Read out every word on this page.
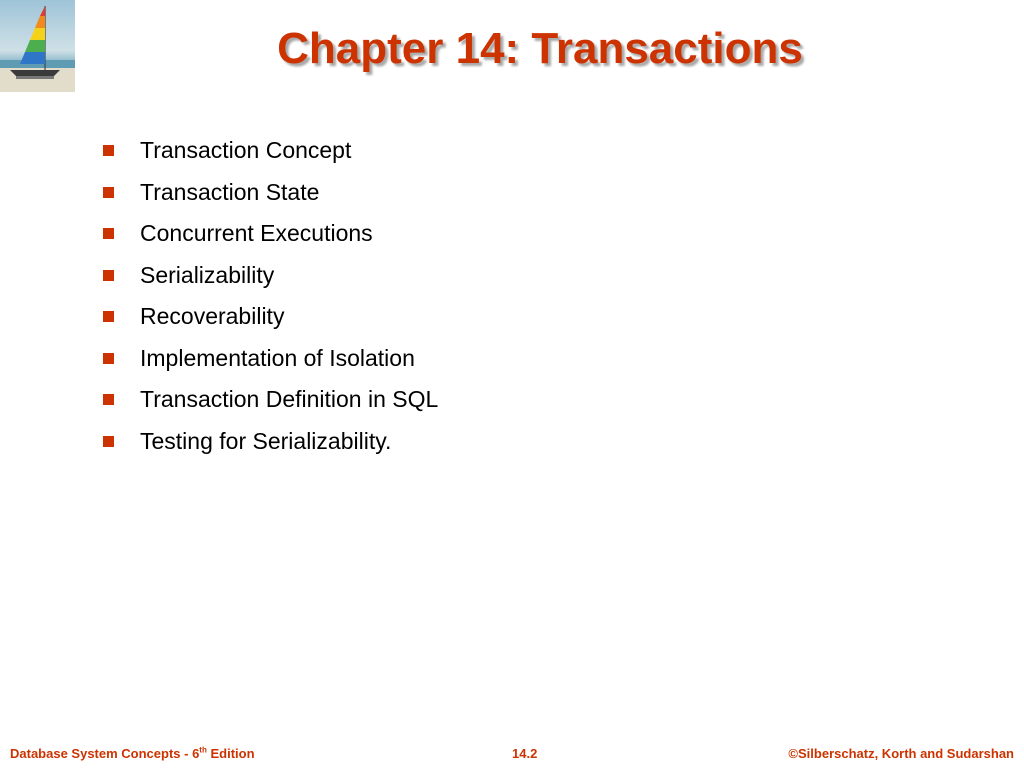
Chapter 14: Transactions
Transaction Concept
Transaction State
Concurrent Executions
Serializability
Recoverability
Implementation of Isolation
Transaction Definition in SQL
Testing for Serializability.
Database System Concepts - 6th Edition	14.2	©Silberschatz, Korth and Sudarshan
